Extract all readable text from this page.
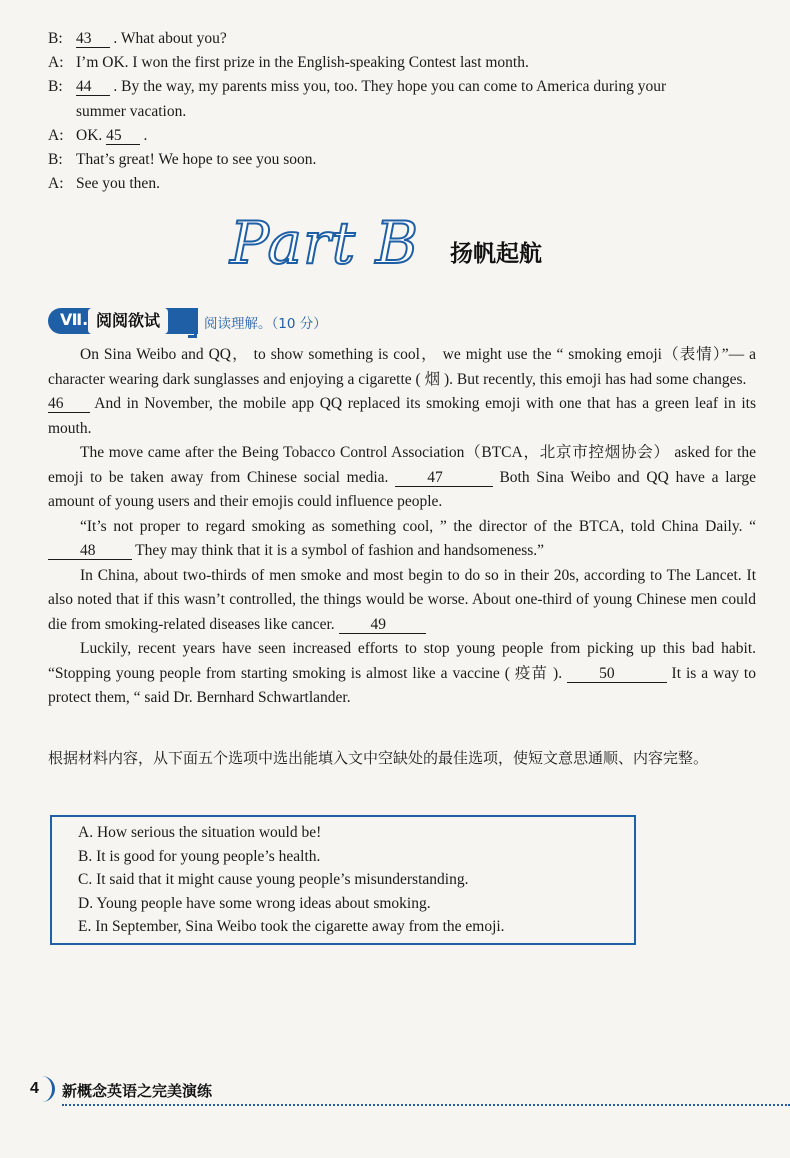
B: 43 . What about you?
A: I’m OK. I won the first prize in the English-speaking Contest last month.
B: 44 . By the way, my parents miss you, too. They hope you can come to America during your
summer vacation.
A: OK. 45 .
B: That’s great! We hope to see you soon.
A: See you then.
Part B 扬帆起航
Ⅶ. 阅阅欲试	阅读理解。（10 分）

On Sina Weibo and QQ， to show something is cool， we might use the “ smoking emoji（表情）”— a character wearing dark sunglasses and enjoying a cigarette ( 烟 ). But recently, this emoji has had some changes.

46 And in November, the mobile app QQ replaced its smoking emoji with one that has a green leaf in its mouth.

The move came after the Being Tobacco Control Association（BTCA，北京市控烟协会） asked for the emoji to be taken away from Chinese social media. 47	Both Sina Weibo and QQ have a large amount of young users and their emojis could influence people.

“It’s not proper to regard smoking as something cool, ” the director of the BTCA, told China Daily. “ 48 They may think that it is a symbol of fashion and handsomeness.”

In China, about two-thirds of men smoke and most begin to do so in their 20s, according to The Lancet. It also noted that if this wasn’t controlled, the things would be worse. About one-third of young Chinese men could die from smoking-related diseases like cancer. 49

Luckily, recent years have seen increased efforts to stop young people from picking up this bad habit. “Stopping young people from starting smoking is almost like a vaccine ( 疫苗 ). 50	It is a way to protect them, “ said Dr. Bernhard Schwartlander.

根据材料内容，从下面五个选项中选出能填入文中空缺处的最佳选项，使短文意思通顺、内容完整。
A. How serious the situation would be!
B. It is good for young people’s health.
C. It said that it might cause young people’s misunderstanding.
D. Young people have some wrong ideas about smoking.
E. In September, Sina Weibo took the cigarette away from the emoji.
4 新概念英语之完美演练
